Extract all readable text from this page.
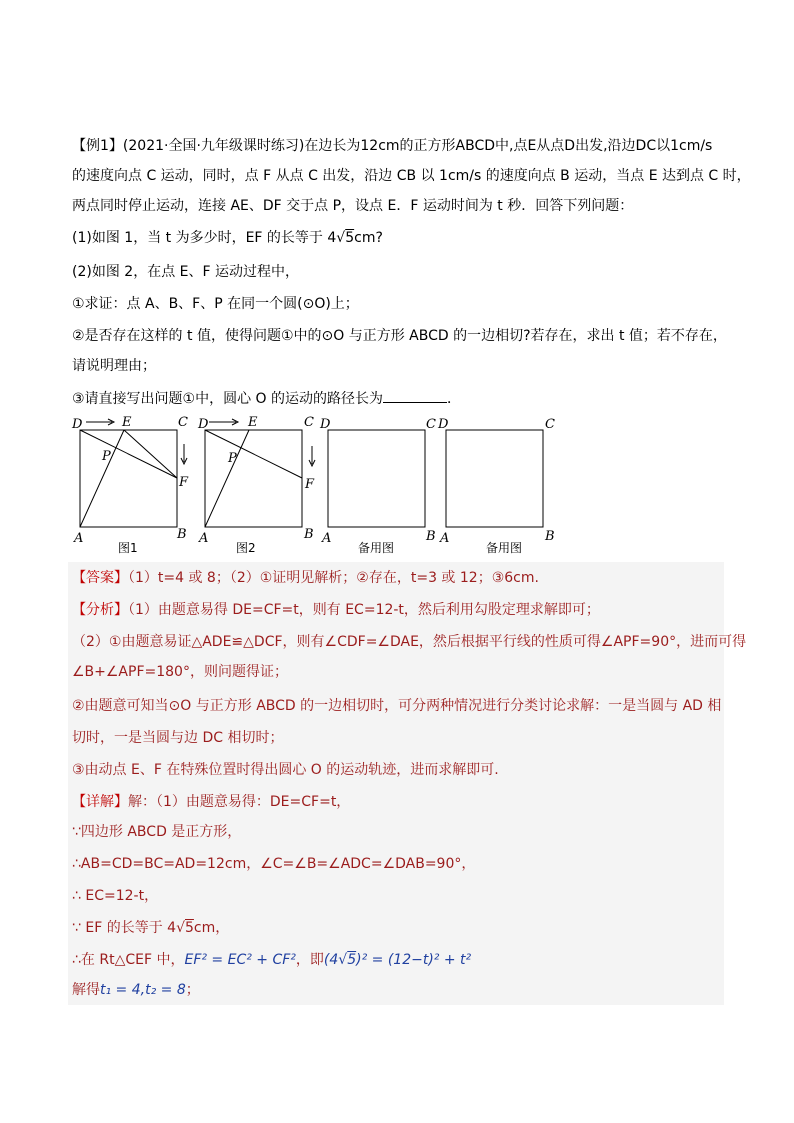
【例1】(2021·全国·九年级课时练习)在边长为12cm的正方形ABCD中,点E从点D出发,沿边DC以1cm/s
的速度向点 C 运动，同时，点 F 从点 C 出发，沿边 CB 以 1cm/s 的速度向点 B 运动，当点 E 达到点 C 时，
两点同时停止运动，连接 AE、DF 交于点 P，设点 E．F 运动时间为 t 秒．回答下列问题：
(1)如图 1，当 t 为多少时，EF 的长等于 4√5cm?
(2)如图 2，在点 E、F 运动过程中，
①求证：点 A、B、F、P 在同一个圆(⊙O)上；
②是否存在这样的 t 值，使得问题①中的⊙O 与正方形 ABCD 的一边相切?若存在，求出 t 值；若不存在，
请说明理由；
③请直接写出问题①中，圆心 O 的运动的路径长为	．
D	E	C
P
F
A	B
图1
D	E	C
P
F
A	B
图2
D	C
A	B
备用图
D	C
A	B
备用图
【答案】（1）t=4 或 8；（2）①证明见解析；②存在，t=3 或 12；③6cm.
【分析】（1）由题意易得 DE=CF=t，则有 EC=12-t，然后利用勾股定理求解即可；
（2）①由题意易证△ADE≌△DCF，则有∠CDF=∠DAE，然后根据平行线的性质可得∠APF=90°，进而可得
∠B+∠APF=180°，则问题得证；
②由题意可知当⊙O 与正方形 ABCD 的一边相切时，可分两种情况进行分类讨论求解：一是当圆与 AD 相
切时，一是当圆与边 DC 相切时；
③由动点 E、F 在特殊位置时得出圆心 O 的运动轨迹，进而求解即可.
【详解】解：（1）由题意易得：DE=CF=t，
∵四边形 ABCD 是正方形，
∴AB=CD=BC=AD=12cm，∠C=∠B=∠ADC=∠DAB=90°，
∴ EC=12-t，
∵ EF 的长等于 4√5cm，
∴在 Rt△CEF 中，EF² = EC² + CF²，即(4√5)² = (12−t)² + t²
解得t₁ = 4,t₂ = 8；
